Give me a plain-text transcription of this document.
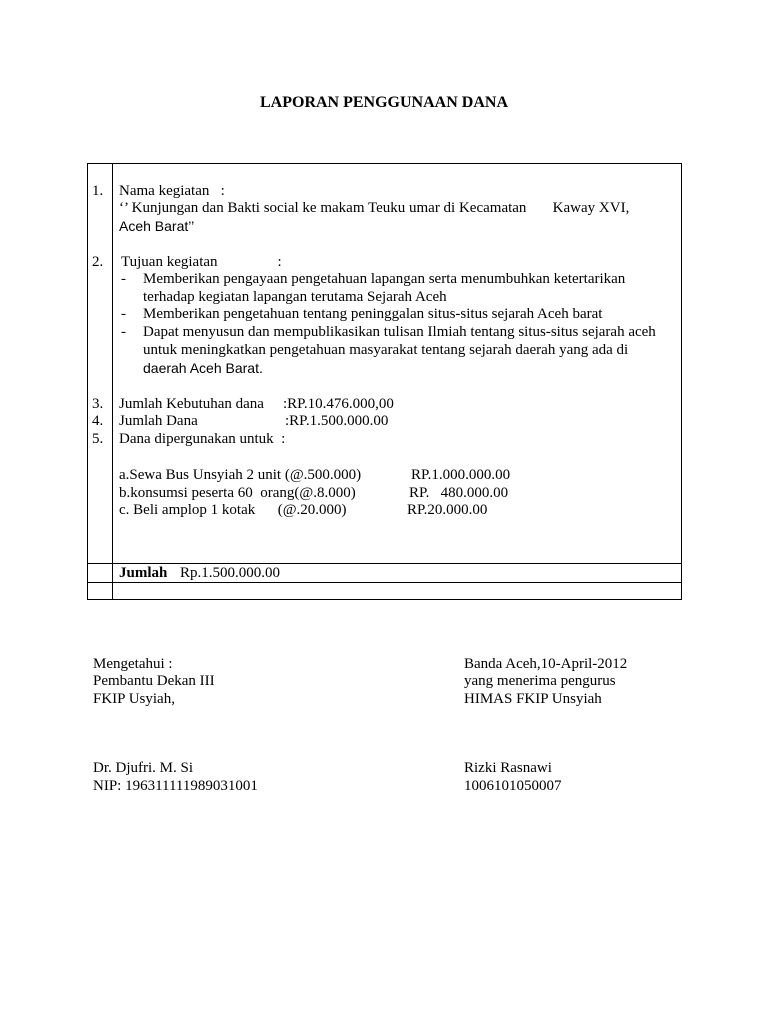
LAPORAN PENGGUNAAN DANA
1. Nama kegiatan   :
‘’ Kunjungan dan Bakti social ke makam Teuku umar di Kecamatan       Kaway XVI,
Aceh Barat’’
2. Tujuan kegiatan                :
- Memberikan pengayaan pengetahuan lapangan serta menumbuhkan ketertarikan
terhadap kegiatan lapangan terutama Sejarah Aceh
- Memberikan pengetahuan tentang peninggalan situs-situs sejarah Aceh barat
- Dapat menyusun dan mempublikasikan tulisan Ilmiah tentang situs-situs sejarah aceh
untuk meningkatkan pengetahuan masyarakat tentang sejarah daerah yang ada di
daerah Aceh Barat.
3. Jumlah Kebutuhan dana :RP.10.476.000,00
4. Jumlah Dana	:RP.1.500.000.00
5. Dana dipergunakan untuk  :
a.Sewa Bus Unsyiah 2 unit (@.500.000)	RP.1.000.000.00
b.konsumsi peserta 60  orang(@.8.000)	RP.   480.000.00
c. Beli amplop 1 kotak      (@.20.000)	RP.20.000.00
Jumlah Rp.1.500.000.00
Mengetahui :
Pembantu Dekan III
FKIP Usyiah,
Dr. Djufri. M. Si
NIP: 196311111989031001
Banda Aceh,10-April-2012
yang menerima pengurus
HIMAS FKIP Unsyiah
Rizki Rasnawi
1006101050007
